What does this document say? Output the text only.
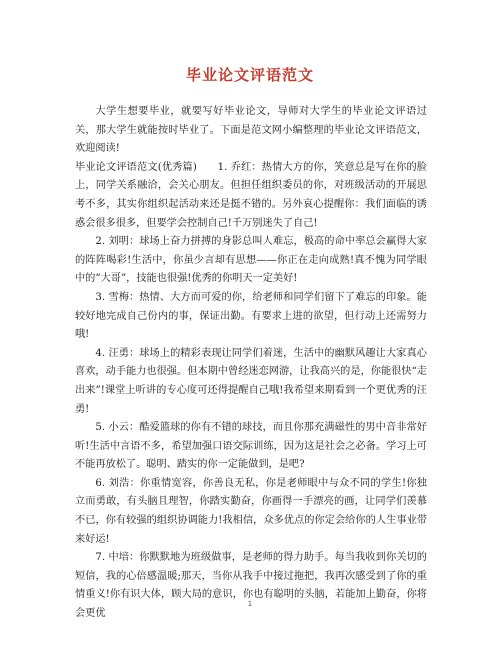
毕业论文评语范文

大学生想要毕业，就要写好毕业论文，导师对大学生的毕业论文评语过关，那大学生就能按时毕业了。下面是范文网小编整理的毕业论文评语范文，欢迎阅读!

毕业论文评语范文(优秀篇)　　1. 乔红：热情大方的你，笑意总是写在你的脸上，同学关系融洽，会关心朋友。但担任组织委员的你，对班级活动的开展思考不多，其实你组织起活动来还是挺不错的。另外哀心提醒你：我们面临的诱惑会很多很多，但要学会控制自己!千万别迷失了自己!

2. 刘明：球场上奋力拼搏的身影总叫人难忘，极高的命中率总会赢得大家的阵阵喝彩!生活中，你虽少言却有思想——你正在走向成熟!真不愧为同学眼中的”大哥”，技能也很强!优秀的你明天一定美好!

3. 雪梅：热情、大方而可爱的你，给老师和同学们留下了难忘的印象。能较好地完成自己份内的事，保证出勤。有要求上进的欲望，但行动上还需努力哦!

4. 汪勇：球场上的精彩表现让同学们着迷，生活中的幽默风趣让大家真心喜欢，动手能力也很强。但本期中曾经迷恋网游，让我高兴的是，你能很快“走出来”!课堂上听讲的专心度可还得提醒自己哦!我希望来期看到一个更优秀的汪勇!

5. 小云：酷爱篮球的你有不错的球技，而且你那充满磁性的男中音非常好听!生活中言语不多，希望加强口语交际训练，因为这是社会之必备。学习上可不能再放松了。聪明、踏实的你一定能做到，是吧?

6. 刘浩：你重情宽容，你善良无私，你是老师眼中与众不同的学生!你独立而勇敢，有头脑且理智，你踏实勤奋，你画得一手漂亮的画，让同学们羡慕不已，你有较强的组织协调能力!我相信，众多优点的你定会给你的人生事业带来好运!

7. 中培：你默默地为班级做事，是老师的得力助手。每当我收到你关切的短信，我的心倍感温暖;那天，当你从我手中接过拖把，我再次感受到了你的重情重义!你有识大体，顾大局的意识，你也有聪明的头脑，若能加上勤奋，你将会更优

1
